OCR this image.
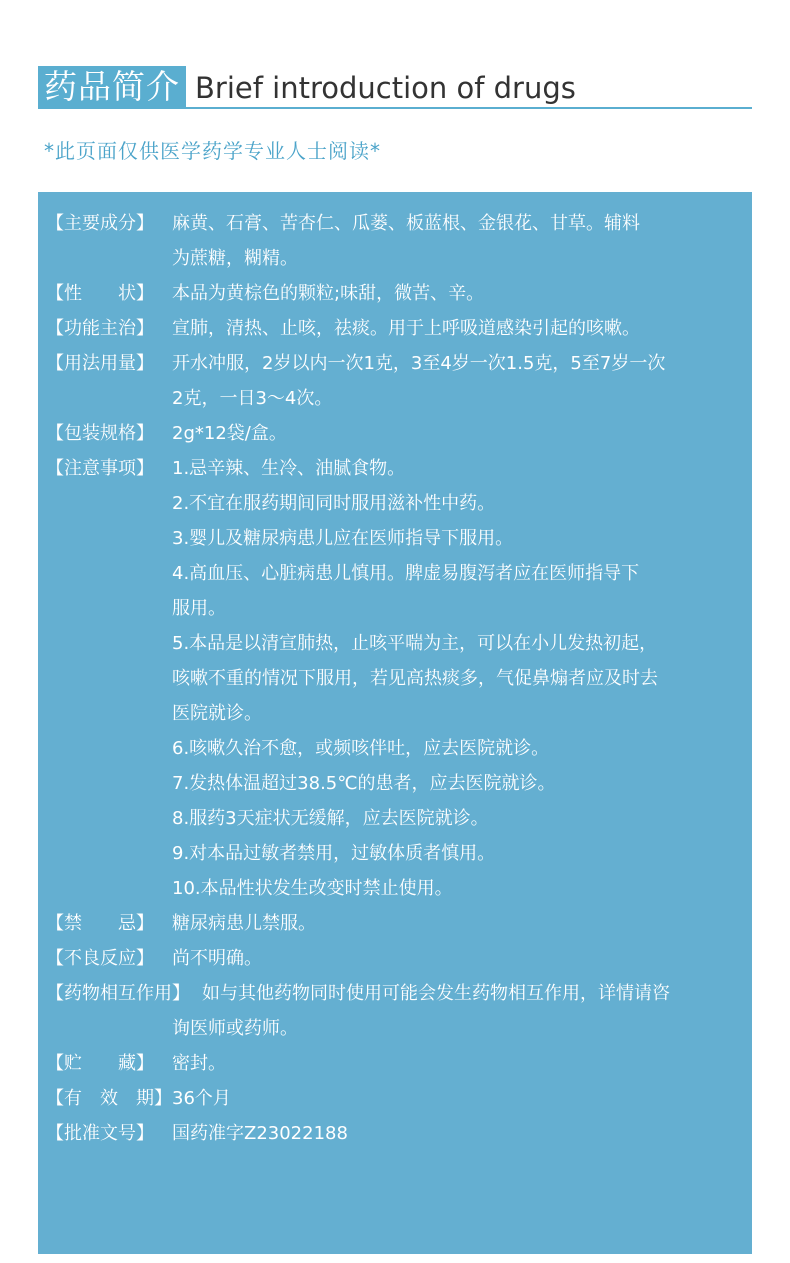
药品简介 Brief introduction of drugs
*此页面仅供医学药学专业人士阅读*
【主要成分】	麻黄、石膏、苦杏仁、瓜蒌、板蓝根、金银花、甘草。辅料
为蔗糖，糊精。
【性　　状】	本品为黄棕色的颗粒;味甜，微苦、辛。
【功能主治】	宣肺，清热、止咳，祛痰。用于上呼吸道感染引起的咳嗽。
【用法用量】	开水冲服，2岁以内一次1克，3至4岁一次1.5克，5至7岁一次
2克，一日3～4次。
【包装规格】	2g*12袋/盒。
【注意事项】	1.忌辛辣、生冷、油腻食物。
2.不宜在服药期间同时服用滋补性中药。
3.婴儿及糖尿病患儿应在医师指导下服用。
4.高血压、心脏病患儿慎用。脾虚易腹泻者应在医师指导下
服用。
5.本品是以清宣肺热，止咳平喘为主，可以在小儿发热初起，
咳嗽不重的情况下服用，若见高热痰多，气促鼻煽者应及时去
医院就诊。
6.咳嗽久治不愈，或频咳伴吐，应去医院就诊。
7.发热体温超过38.5℃的患者，应去医院就诊。
8.服药3天症状无缓解，应去医院就诊。
9.对本品过敏者禁用，过敏体质者慎用。
10.本品性状发生改变时禁止使用。
【禁　　忌】	糖尿病患儿禁服。
【不良反应】	尚不明确。
【药物相互作用】 如与其他药物同时使用可能会发生药物相互作用，详情请咨
询医师或药师。
【贮　　藏】	密封。
【有　效　期】 36个月
【批准文号】	国药准字Z23022188
